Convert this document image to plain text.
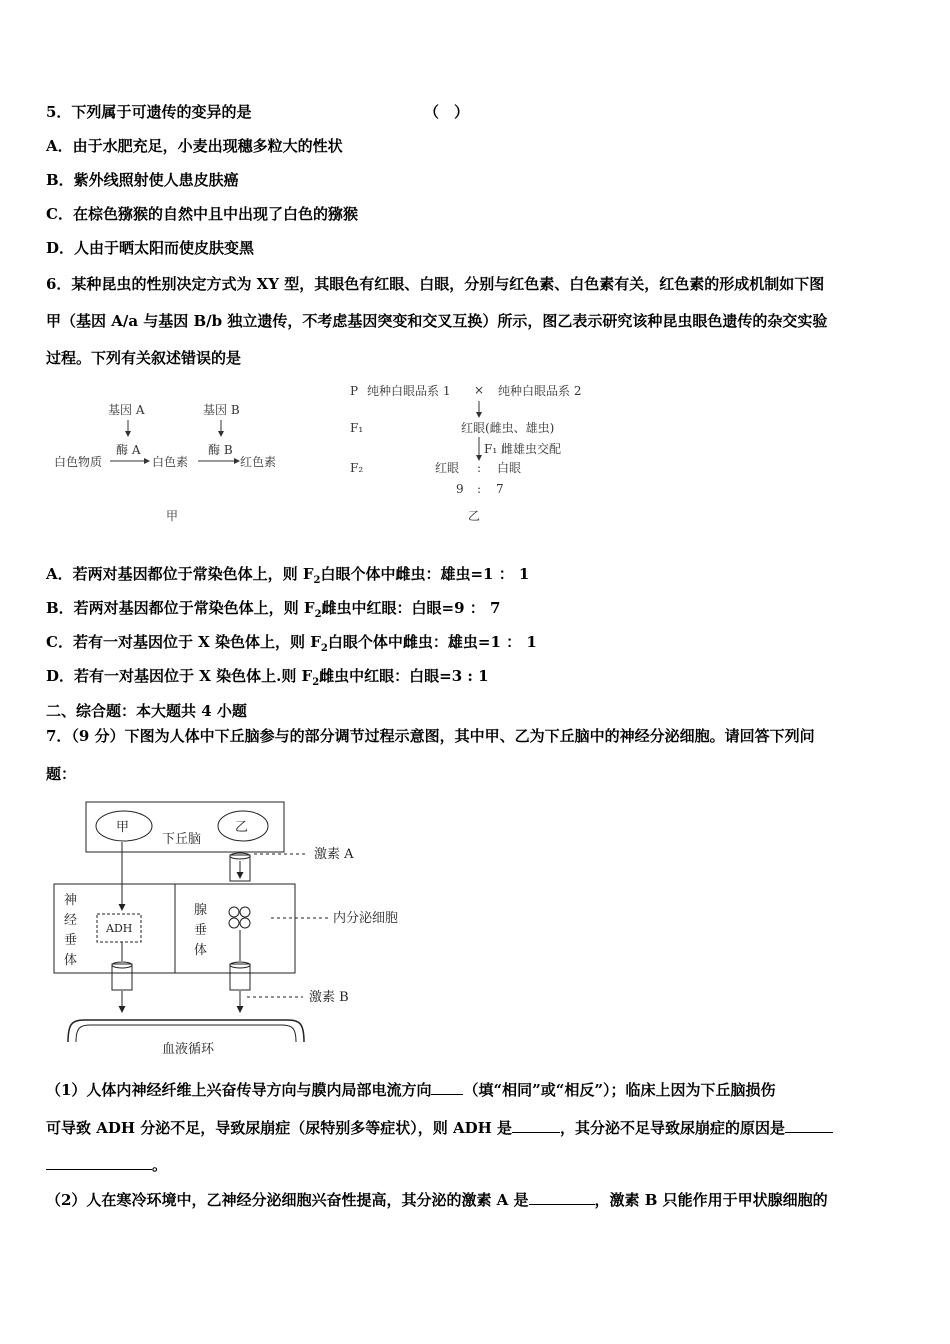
5．下列属于可遗传的变异的是	（　）
A．由于水肥充足，小麦出现穗多粒大的性状
B．紫外线照射使人患皮肤癌
C．在棕色猕猴的自然中且中出现了白色的猕猴
D．人由于晒太阳而使皮肤变黑
6．某种昆虫的性别决定方式为 XY 型，其眼色有红眼、白眼，分别与红色素、白色素有关，红色素的形成机制如下图
甲（基因 A/a 与基因 B/b 独立遗传，不考虑基因突变和交叉互换）所示，图乙表示研究该种昆虫眼色遗传的杂交实验
过程。下列有关叙述错误的是
基因 A	基因 B
酶 A	酶 B
白色物质	白色素	红色素
甲
P 纯种白眼品系 1 × 纯种白眼品系 2
F₁	红眼(雌虫、雄虫)
F₁ 雌雄虫交配
F₂	红眼 : 白眼
9 : 7
乙
A．若两对基因都位于常染色体上，则 $F_2$白眼个体中雌虫：雄虫=1 ： 1
B．若两对基因都位于常染色体上，则 $F_2$雌虫中红眼：白眼=9 ： 7
C．若有一对基因位于 X 染色体上，则 $F_2$白眼个体中雌虫：雄虫=1 ： 1
D．若有一对基因位于 X 染色体上.则 $F_2$雌虫中红眼：白眼=3 : 1
二、综合题：本大题共 4 小题
7．（9 分）下图为人体中下丘脑参与的部分调节过程示意图，其中甲、乙为下丘脑中的神经分泌细胞。请回答下列问
题：
甲	乙
下丘脑
激素 A
神
经
垂
体
ADH
腺
垂
体
内分泌细胞
激素 B
血液循环
（1）人体内神经纤维上兴奋传导方向与膜内局部电流方向 （填“相同”或“相反”）；临床上因为下丘脑损伤
可导致 ADH 分泌不足，导致尿崩症（尿特别多等症状），则 ADH 是	，其分泌不足导致尿崩症的原因是
。
（2）人在寒冷环境中，乙神经分泌细胞兴奋性提高，其分泌的激素 A 是	，激素 B 只能作用于甲状腺细胞的
